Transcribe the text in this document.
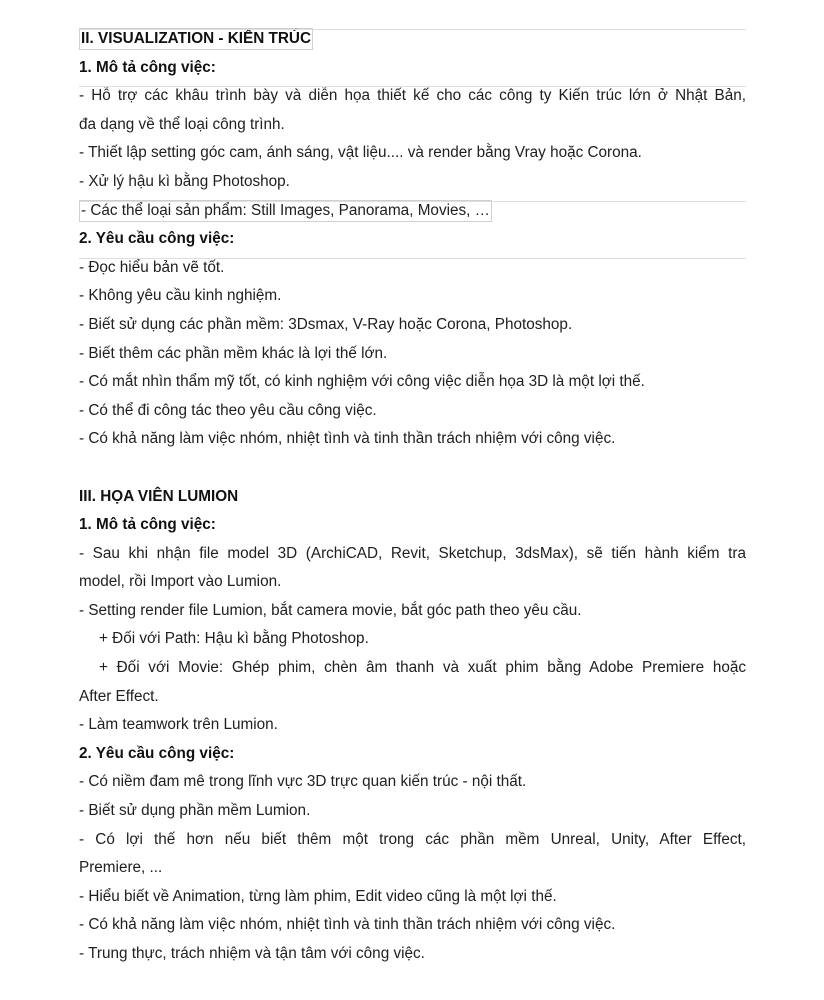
II. VISUALIZATION - KIẾN TRÚC
1. Mô tả công việc:
- Hỗ trợ các khâu trình bày và diễn họa thiết kế cho các công ty Kiến trúc lớn ở Nhật Bản,
đa dạng về thể loại công trình.
- Thiết lập setting góc cam, ánh sáng, vật liệu.... và render bằng Vray hoặc Corona.
- Xử lý hậu kì bằng Photoshop.
- Các thể loại sản phẩm: Still Images, Panorama, Movies, …
2. Yêu cầu công việc:
- Đọc hiểu bản vẽ tốt.
- Không yêu cầu kinh nghiệm.
- Biết sử dụng các phần mềm: 3Dsmax, V-Ray hoặc Corona, Photoshop.
- Biết thêm các phần mềm khác là lợi thế lớn.
- Có mắt nhìn thẩm mỹ tốt, có kinh nghiệm với công việc diễn họa 3D là một lợi thế.
- Có thể đi công tác theo yêu cầu công việc.
- Có khả năng làm việc nhóm, nhiệt tình và tinh thần trách nhiệm với công việc.
III. HỌA VIÊN LUMION
1. Mô tả công việc:
- Sau khi nhận file model 3D (ArchiCAD, Revit, Sketchup, 3dsMax), sẽ tiến hành kiểm tra
model, rồi Import vào Lumion.
- Setting render file Lumion, bắt camera movie, bắt góc path theo yêu cầu.
+ Đối với Path: Hậu kì bằng Photoshop.
+ Đối với Movie: Ghép phim, chèn âm thanh và xuất phim bằng Adobe Premiere hoặc
After Effect.
- Làm teamwork trên Lumion.
2. Yêu cầu công việc:
- Có niềm đam mê trong lĩnh vực 3D trực quan kiến trúc - nội thất.
- Biết sử dụng phần mềm Lumion.
- Có lợi thế hơn nếu biết thêm một trong các phần mềm Unreal, Unity, After Effect,
Premiere, ...
- Hiểu biết về Animation, từng làm phim, Edit video cũng là một lợi thế.
- Có khả năng làm việc nhóm, nhiệt tình và tinh thần trách nhiệm với công việc.
- Trung thực, trách nhiệm và tận tâm với công việc.
